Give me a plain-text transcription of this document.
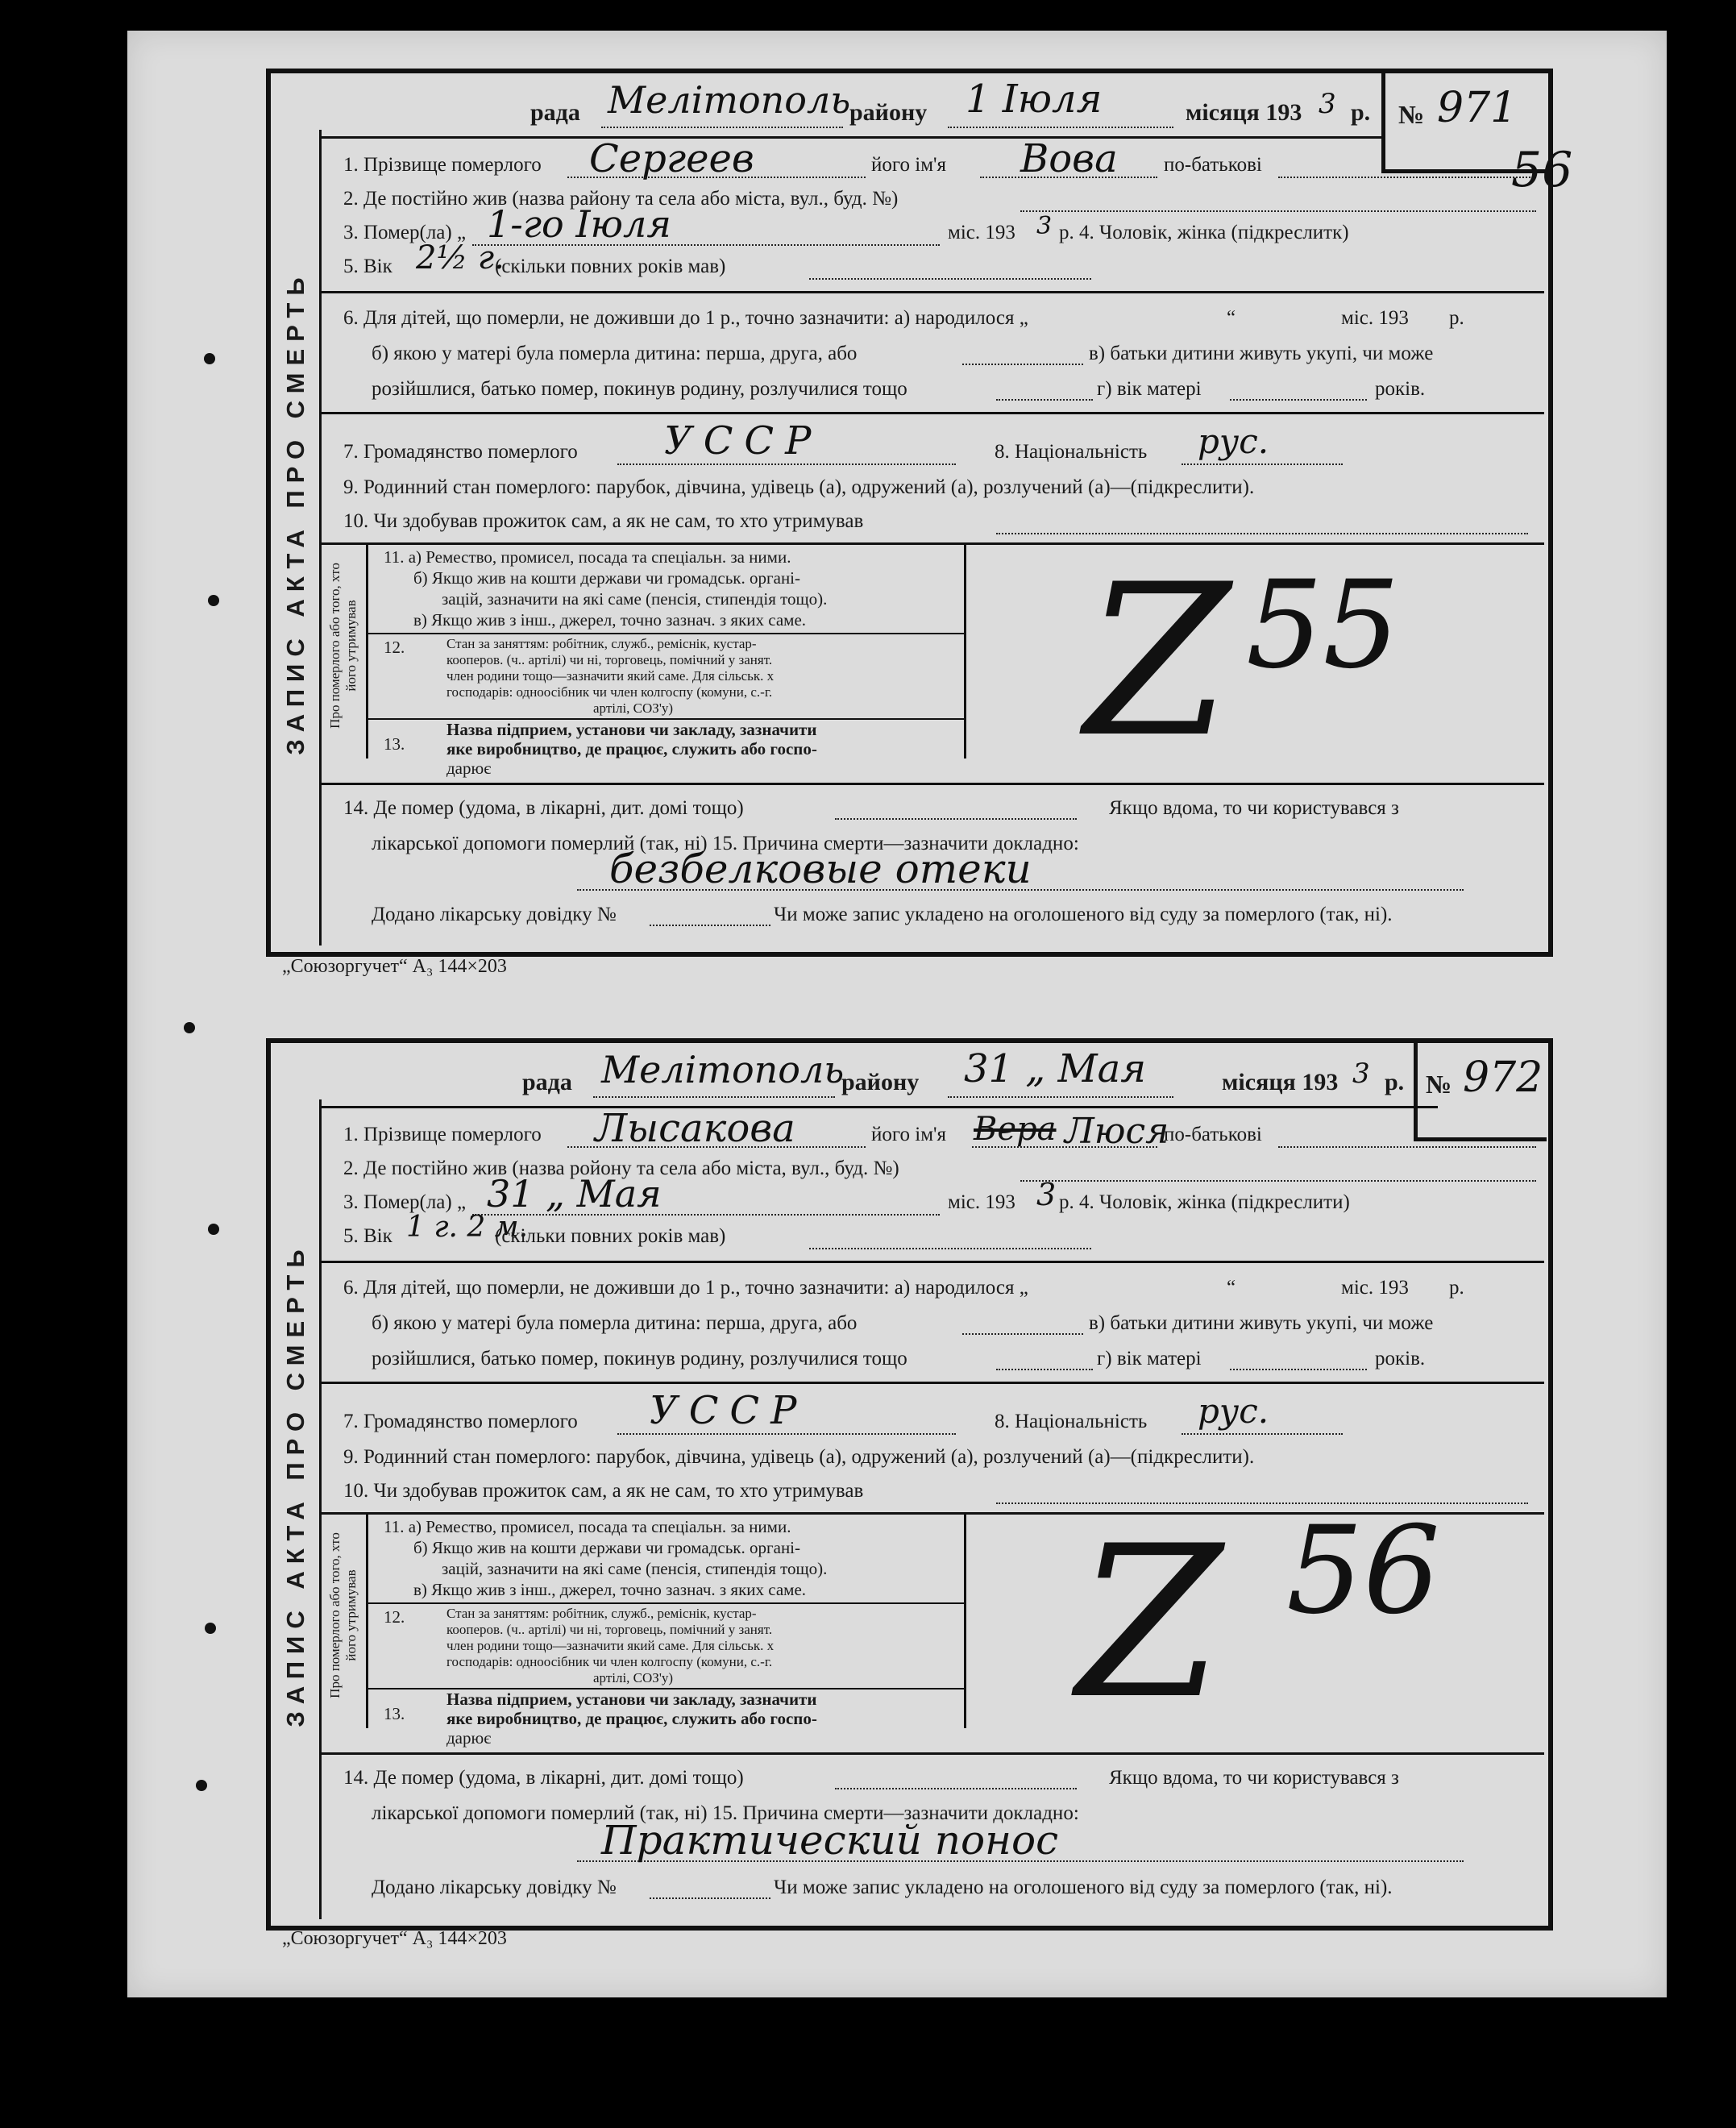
ЗАПИС АКТА ПРО СМЕРТЬ
рада Мелітополь
району 1 Іюля	місяця 193 3 р. № 971
1. Прізвище померлого Сергеев	його ім'я Вова по-батькові
2. Де постійно жив (назва району та села або міста, вул., буд. №)
3. Помер(ла) „ 1-го Іюля	міс. 193 3 р. 4. Чоловік, жінка (підкреслитк)
5. Вік 2½ г.
(скільки повних років мав)
6. Для дітей, що померли, не доживши до 1 р., точно зазначити: а) народилося „	“	міс. 193 р.
б) якою у матері була померла дитина: перша, друга, або	в) батьки дитини живуть укупі, чи може
розійшлися, батько помер, покинув родину, розлучилися тощо	г) вік матері	років.
7. Громадянство померлого УССР	8. Національність рус.
9. Родинний стан померлого: парубок, дівчина, удівець (а), одружений (а), розлучений (а)—(підкреслити).
10. Чи здобував прожиток сам, а як не сам, то хто утримував
Про померлого або того, хто його утримував
11. а) Ремество, промисел, посада та спеціальн. за ними.
б) Якщо жив на кошти держави чи громадськ. органі-
зацій, зазначити на які саме (пенсія, стипендія тощо).
в) Якщо жив з інш., джерел, точно зазнач. з яких саме.
12.	Стан за заняттям: робітник, служб., реміснік, кустар-
кооперов. (ч.. артілі) чи ні, торговець, помічний у занят.
член родини тощо—зазначити який саме. Для сільськ. х
господарів: одноосібник чи член колгоспу (комуни, с.-г.
артілі, СОЗ'у)
13.
Назва підприем, установи чи закладу, зазначити
яке виробництво, де працює, служить або госпо-
дарює	Z 55
14. Де помер (удома, в лікарні, дит. домі тощо)	Якщо вдома, то чи користувався з
лікарської допомоги померлий (так, ні) 15. Причина смерти—зазначити докладно:
безбелковые отеки
Додано лікарську довідку №	Чи може запис укладено на оголошеного від суду за померлого (так, ні).
„Союзоргучет“ А₃ 144×203
56
ЗАПИС АКТА ПРО СМЕРТЬ
рада Мелітополь
району 31 „ Мая	місяця 193 3 р. № 972
1. Прізвище померлого Лысакова	його ім'я Вера Люся
по-батькові
2. Де постійно жив (назва ройону та села або міста, вул., буд. №)
3. Помер(ла) „ 31 „ Мая	міс. 193 3 р. 4. Чоловік, жінка (підкреслити)
5. Вік 1 г. 2 м.
(скільки повних років мав)
6. Для дітей, що померли, не доживши до 1 р., точно зазначити: а) народилося „	“	міс. 193 р.
б) якою у матері була померла дитина: перша, друга, або	в) батьки дитини живуть укупі, чи може
розійшлися, батько помер, покинув родину, розлучилися тощо	г) вік матері	років.
7. Громадянство померлого УССР	8. Національність рус.
9. Родинний стан померлого: парубок, дівчина, удівець (а), одружений (а), розлучений (а)—(підкреслити).
10. Чи здобував прожиток сам, а як не сам, то хто утримував
Про померлого або того, хто його утримував
11. а) Ремество, промисел, посада та спеціальн. за ними.
б) Якщо жив на кошти держави чи громадськ. органі-
зацій, зазначити на які саме (пенсія, стипендія тощо).
в) Якщо жив з інш., джерел, точно зазнач. з яких саме.
12.	Стан за заняттям: робітник, служб., реміснік, кустар-
кооперов. (ч.. артілі) чи ні, торговець, помічний у занят.
член родини тощо—зазначити який саме. Для сільськ. х
господарів: одноосібник чи член колгоспу (комуни, с.-г.
артілі, СОЗ'у)
13.
Назва підприем, установи чи закладу, зазначити
яке виробництво, де працює, служить або госпо-
дарює	Z 56
14. Де помер (удома, в лікарні, дит. домі тощо)	Якщо вдома, то чи користувався з
лікарської допомоги померлий (так, ні) 15. Причина смерти—зазначити докладно:
Практический понос
Додано лікарську довідку №	Чи може запис укладено на оголошеного від суду за померлого (так, ні).
„Союзоргучет“ А₃ 144×203
